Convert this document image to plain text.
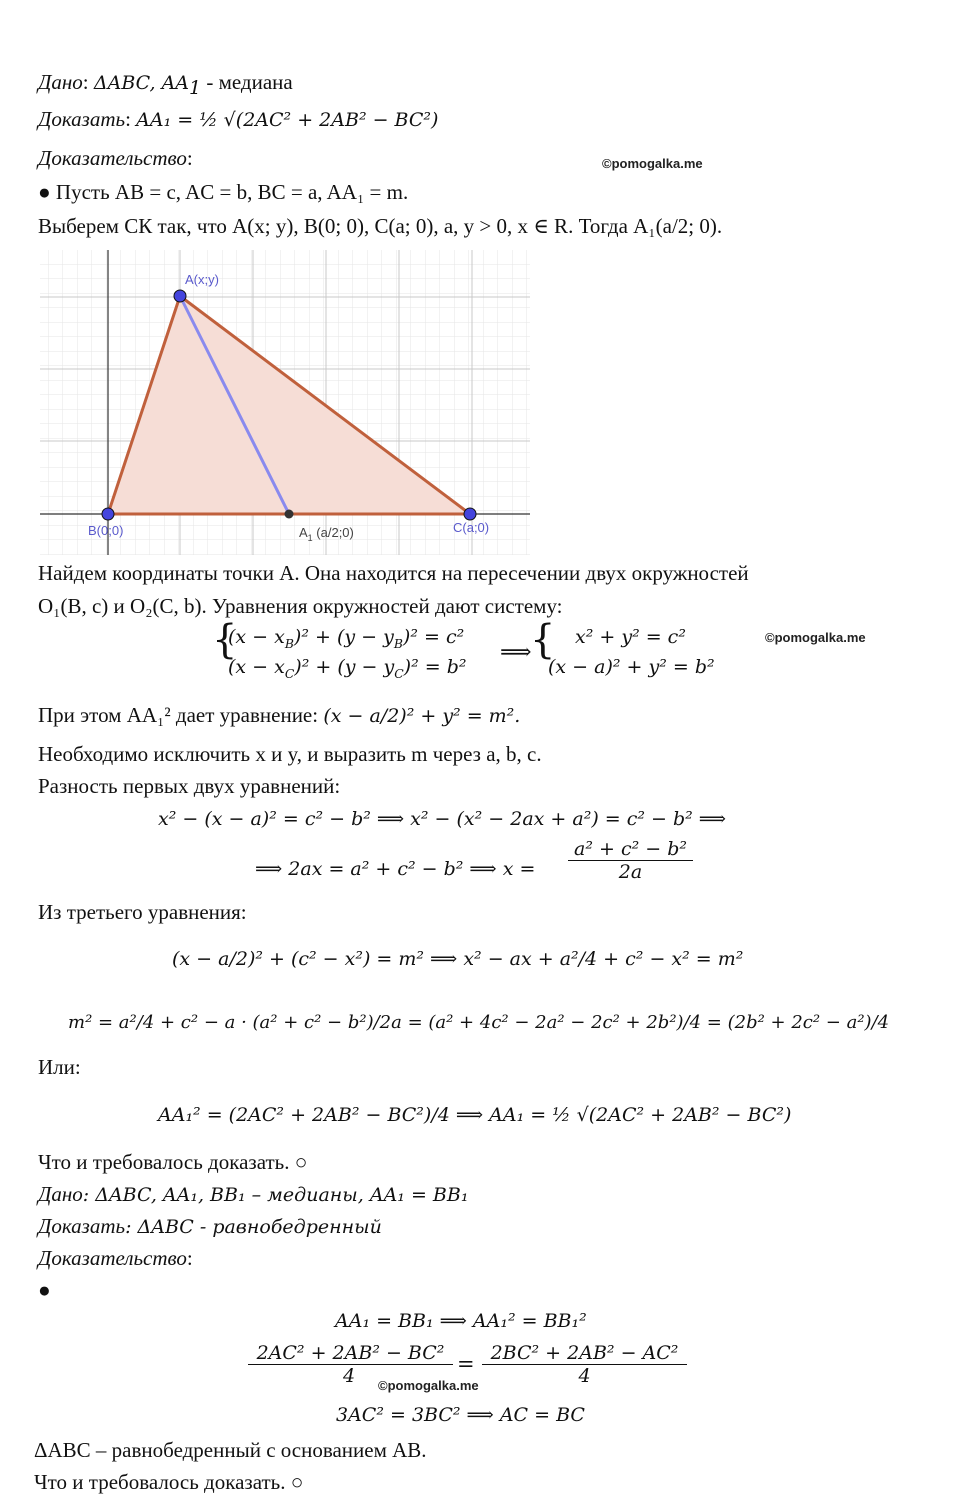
Дано: ΔABC, $AA_1$ - медиана
Доказать: AA₁ = ½ √(2AC² + 2AB² − BC²)
Доказательство:	©pomogalka.me
● Пусть AB = c, AC = b, BC = a, AA₁ = m.
Выберем СК так, что A(x; y), B(0; 0), C(a; 0), a, y > 0, x ∈ R. Тогда A₁(a/2; 0).
A(x;y)
B(0;0)	C(a;0)
$A_1$ (a/2;0)
Найдем координаты точки A. Она находится на пересечении двух окружностей
O₁(B, c) и O₂(C, b). Уравнения окружностей дают систему:
{
$(x - x_B)^2 + (y - y_B)^2 = c^2$
$(x - x_C)^2 + (y - y_C)^2 = b^2$
⟹
{ x² + y² = c²
(x − a)² + y² = b²
©pomogalka.me
При этом AA₁² дает уравнение: (x − a/2)² + y² = m².
Необходимо исключить x и y, и выразить m через a, b, c.
Разность первых двух уравнений:
x² − (x − a)² = c² − b² ⟹ x² − (x² − 2ax + a²) = c² − b² ⟹
⟹ 2ax = a² + c² − b² ⟹ x =
a² + c² − b²
2a
Из третьего уравнения:
(x − a/2)² + (c² − x²) = m² ⟹ x² − ax + a²/4 + c² − x² = m²
m² = a²/4 + c² − a · (a² + c² − b²)/2a = (a² + 4c² − 2a² − 2c² + 2b²)/4 = (2b² + 2c² − a²)/4
Или:
AA₁² = (2AC² + 2AB² − BC²)/4 ⟹ AA₁ = ½ √(2AC² + 2AB² − BC²)
Что и требовалось доказать. ○
Дано: ΔABC, AA₁, BB₁ – медианы, AA₁ = BB₁
Доказать: ΔABC - равнобедренный
Доказательство:
●
AA₁ = BB₁ ⟹ AA₁² = BB₁²
2AC² + 2AB² − BC²
4	= 2BC² + 2AB² − AC²
4
©pomogalka.me
3AC² = 3BC² ⟹ AC = BC
ΔABC – равнобедренный с основанием AB.
Что и требовалось доказать. ○
